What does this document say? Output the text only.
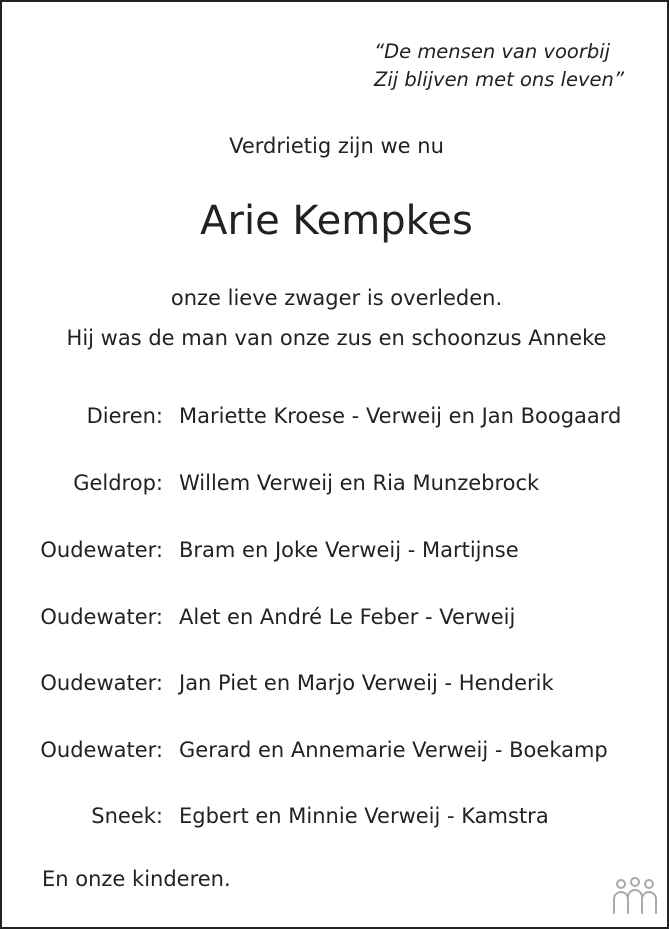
“De mensen van voorbij
Zij blijven met ons leven”
Verdrietig zijn we nu
Arie Kempkes
onze lieve zwager is overleden.
Hij was de man van onze zus en schoonzus Anneke
Dieren: Mariette Kroese - Verweij en Jan Boogaard
Geldrop: Willem Verweij en Ria Munzebrock
Oudewater: Bram en Joke Verweij - Martijnse
Oudewater: Alet en André Le Feber - Verweij
Oudewater: Jan Piet en Marjo Verweij - Henderik
Oudewater: Gerard en Annemarie Verweij - Boekamp
Sneek: Egbert en Minnie Verweij - Kamstra
En onze kinderen.
